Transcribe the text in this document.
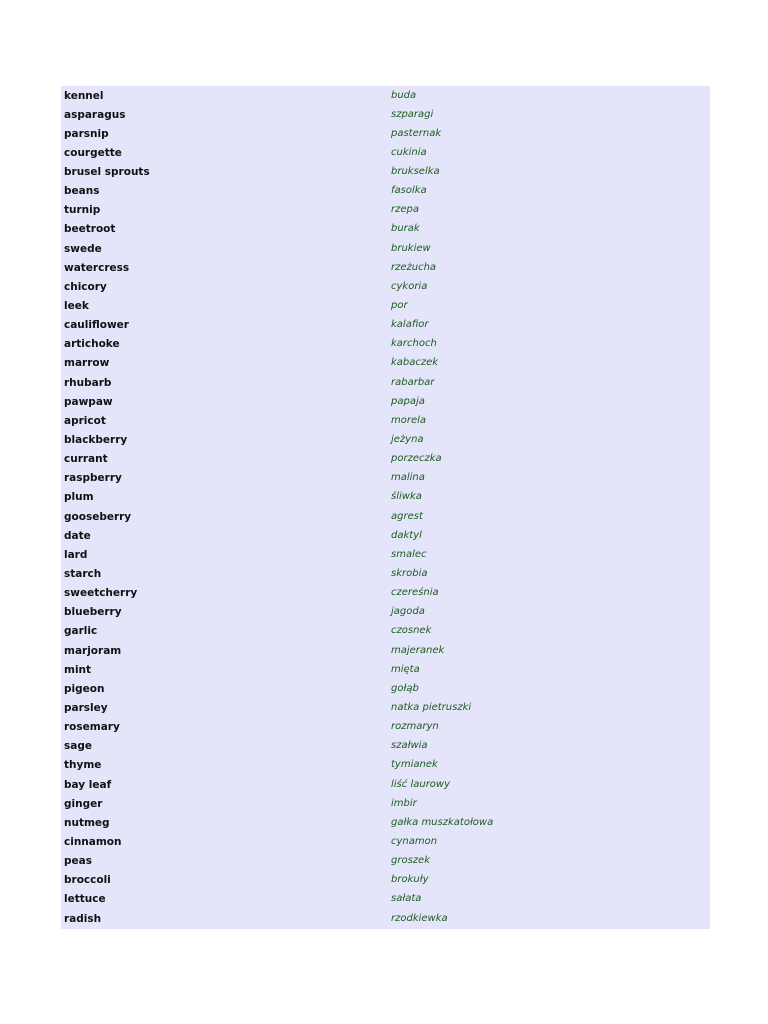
kennel	buda
asparagus	szparagi
parsnip	pasternak
courgette	cukinia
brusel sprouts	brukselka
beans	fasolka
turnip	rzepa
beetroot	burak
swede	brukiew
watercress	rzeżucha
chicory	cykoria
leek	por
cauliflower	kalafior
artichoke	karchoch
marrow	kabaczek
rhubarb	rabarbar
pawpaw	papaja
apricot	morela
blackberry	jeżyna
currant	porzeczka
raspberry	malina
plum	śliwka
gooseberry	agrest
date	daktyl
lard	smalec
starch	skrobia
sweetcherry	czereśnia
blueberry	jagoda
garlic	czosnek
marjoram	majeranek
mint	mięta
pigeon	gołąb
parsley	natka pietruszki
rosemary	rozmaryn
sage	szałwia
thyme	tymianek
bay leaf	liść laurowy
ginger	imbir
nutmeg	gałka muszkatołowa
cinnamon	cynamon
peas	groszek
broccoli	brokuły
lettuce	sałata
radish	rzodkiewka
